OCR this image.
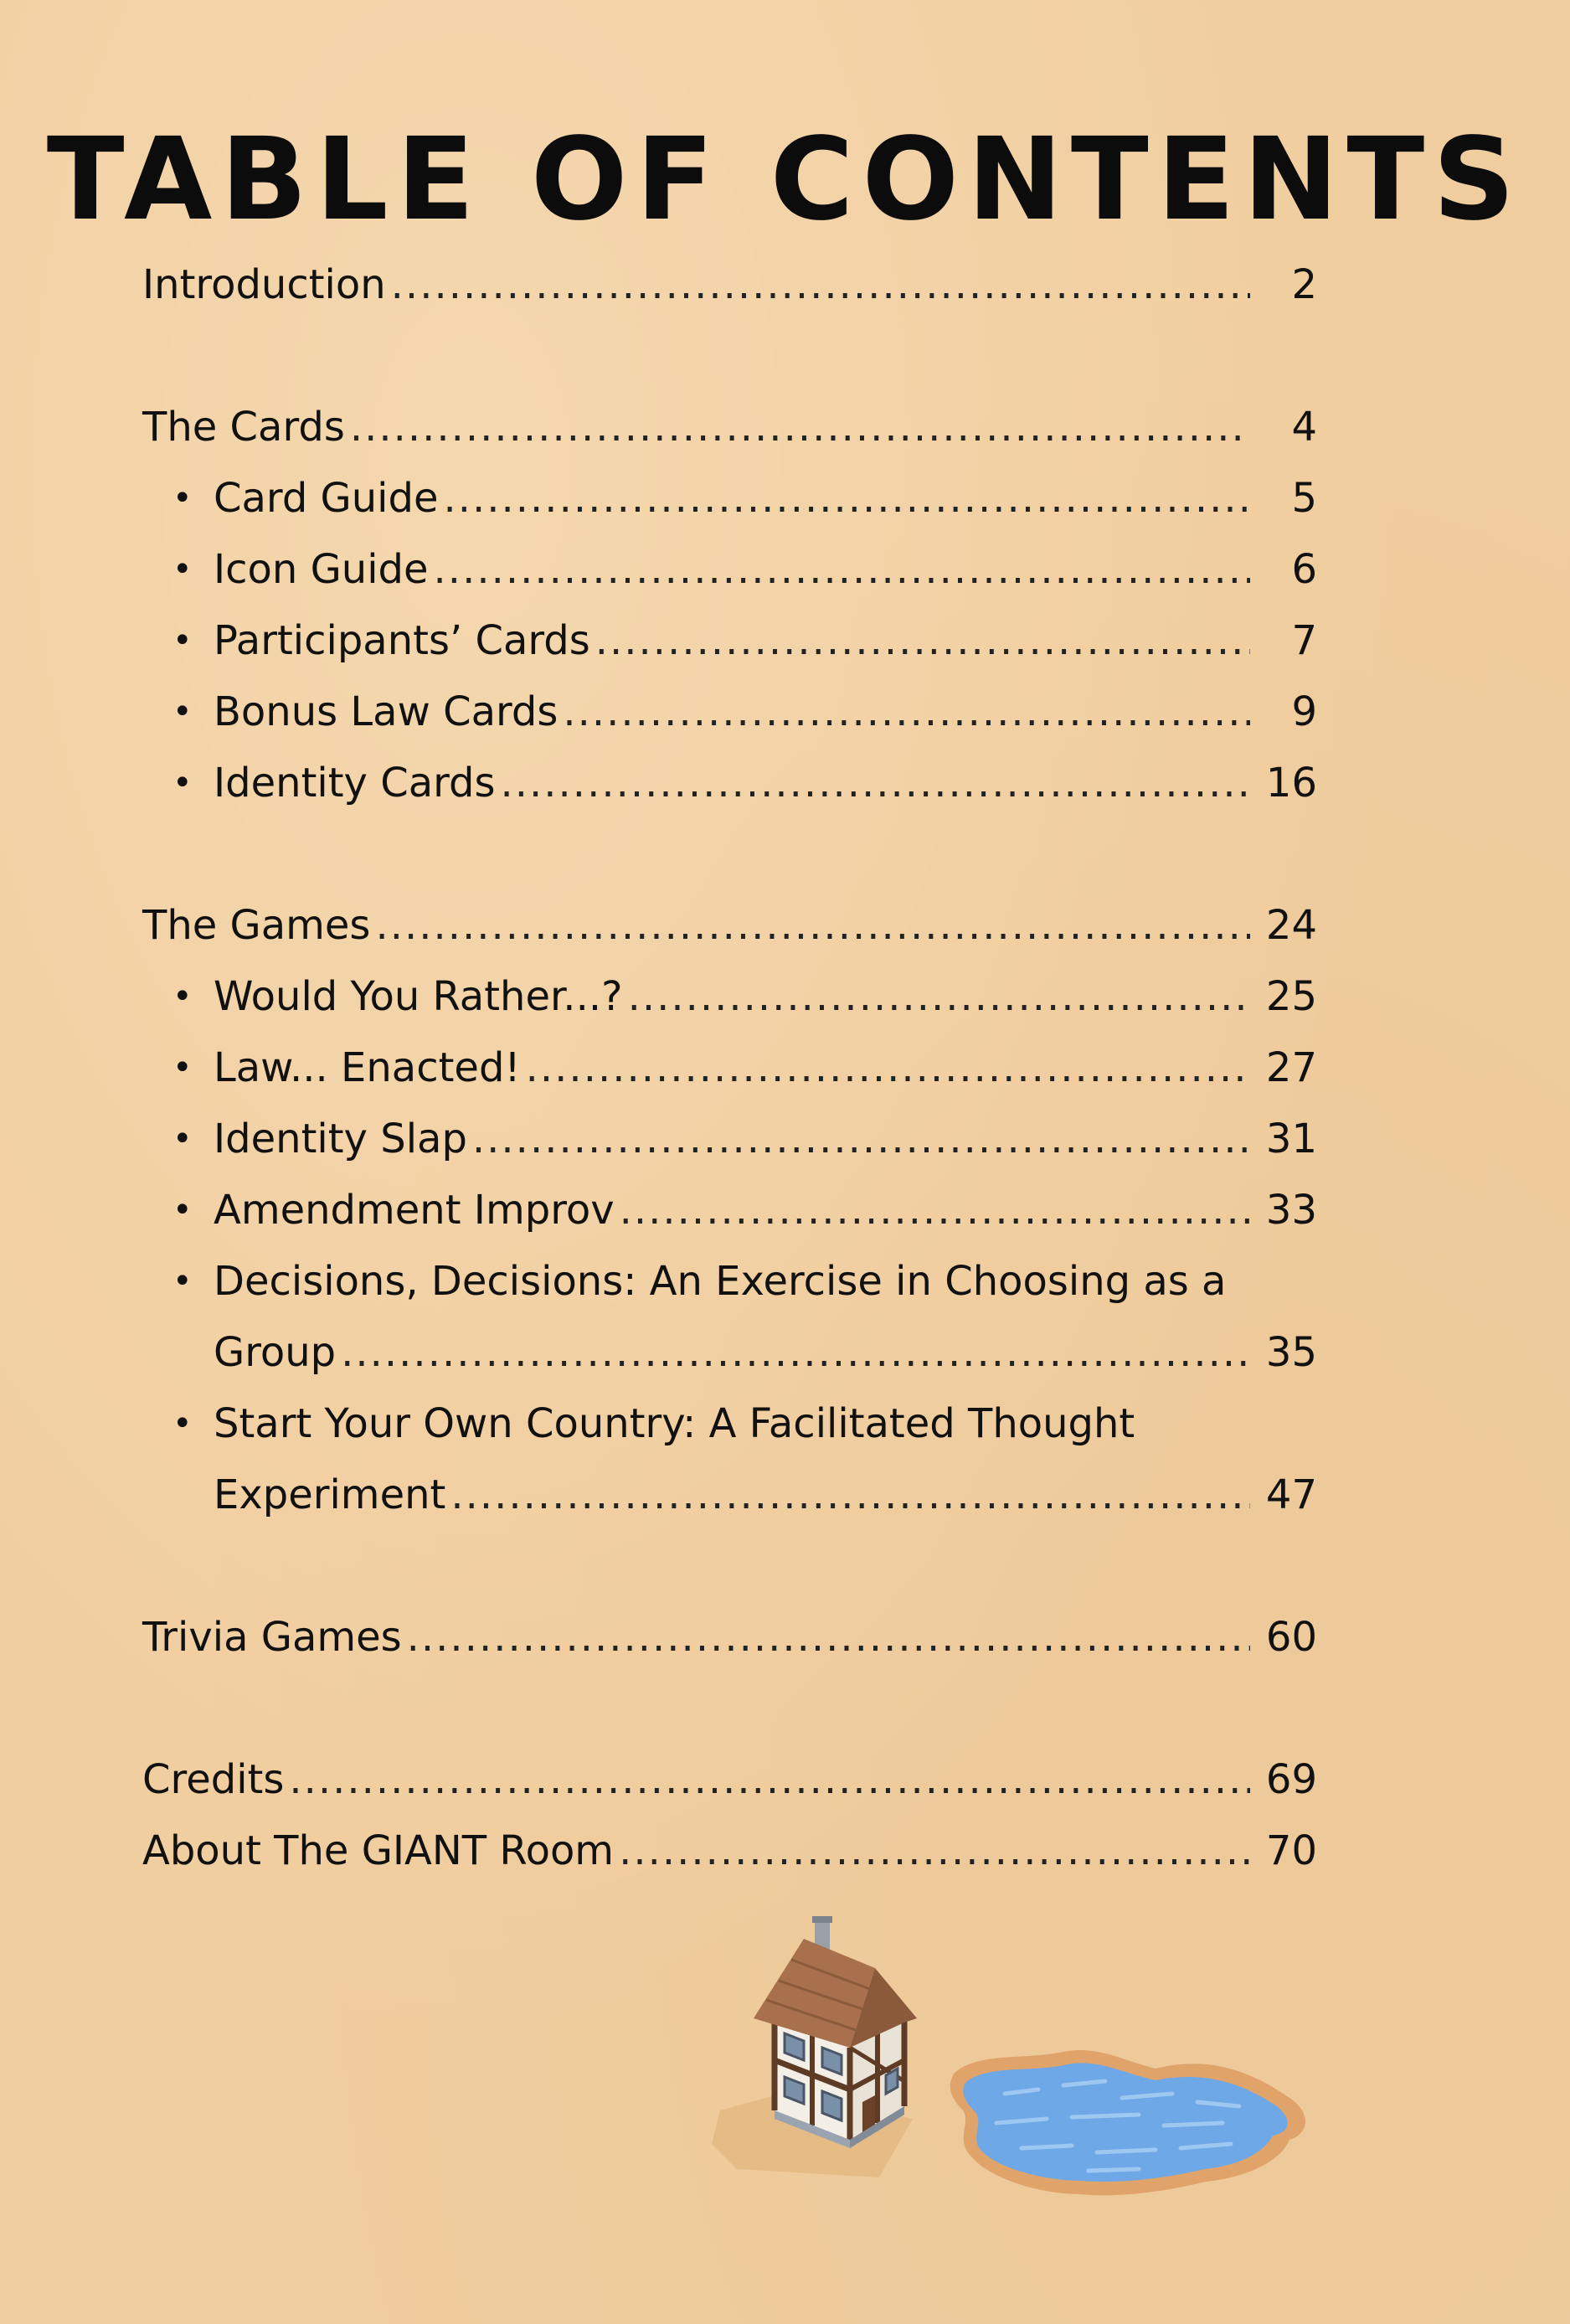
TABLE OF CONTENTS
Introduction .....	2
The Cards .....	4
• Card Guide .....	5
• Icon Guide .....	6
• Participants’ Cards .....	7
• Bonus Law Cards .....	9
• Identity Cards .....	16
The Games .....	24
• Would You Rather...? .....	25
• Law... Enacted! .....	27
• Identity Slap .....	31
• Amendment Improv .....	33
• Decisions, Decisions: An Exercise in Choosing as a
Group .....	35
• Start Your Own Country: A Facilitated Thought
Experiment .....	47
Trivia Games .....	60
Credits .....	69
About The GIANT Room .....	70
